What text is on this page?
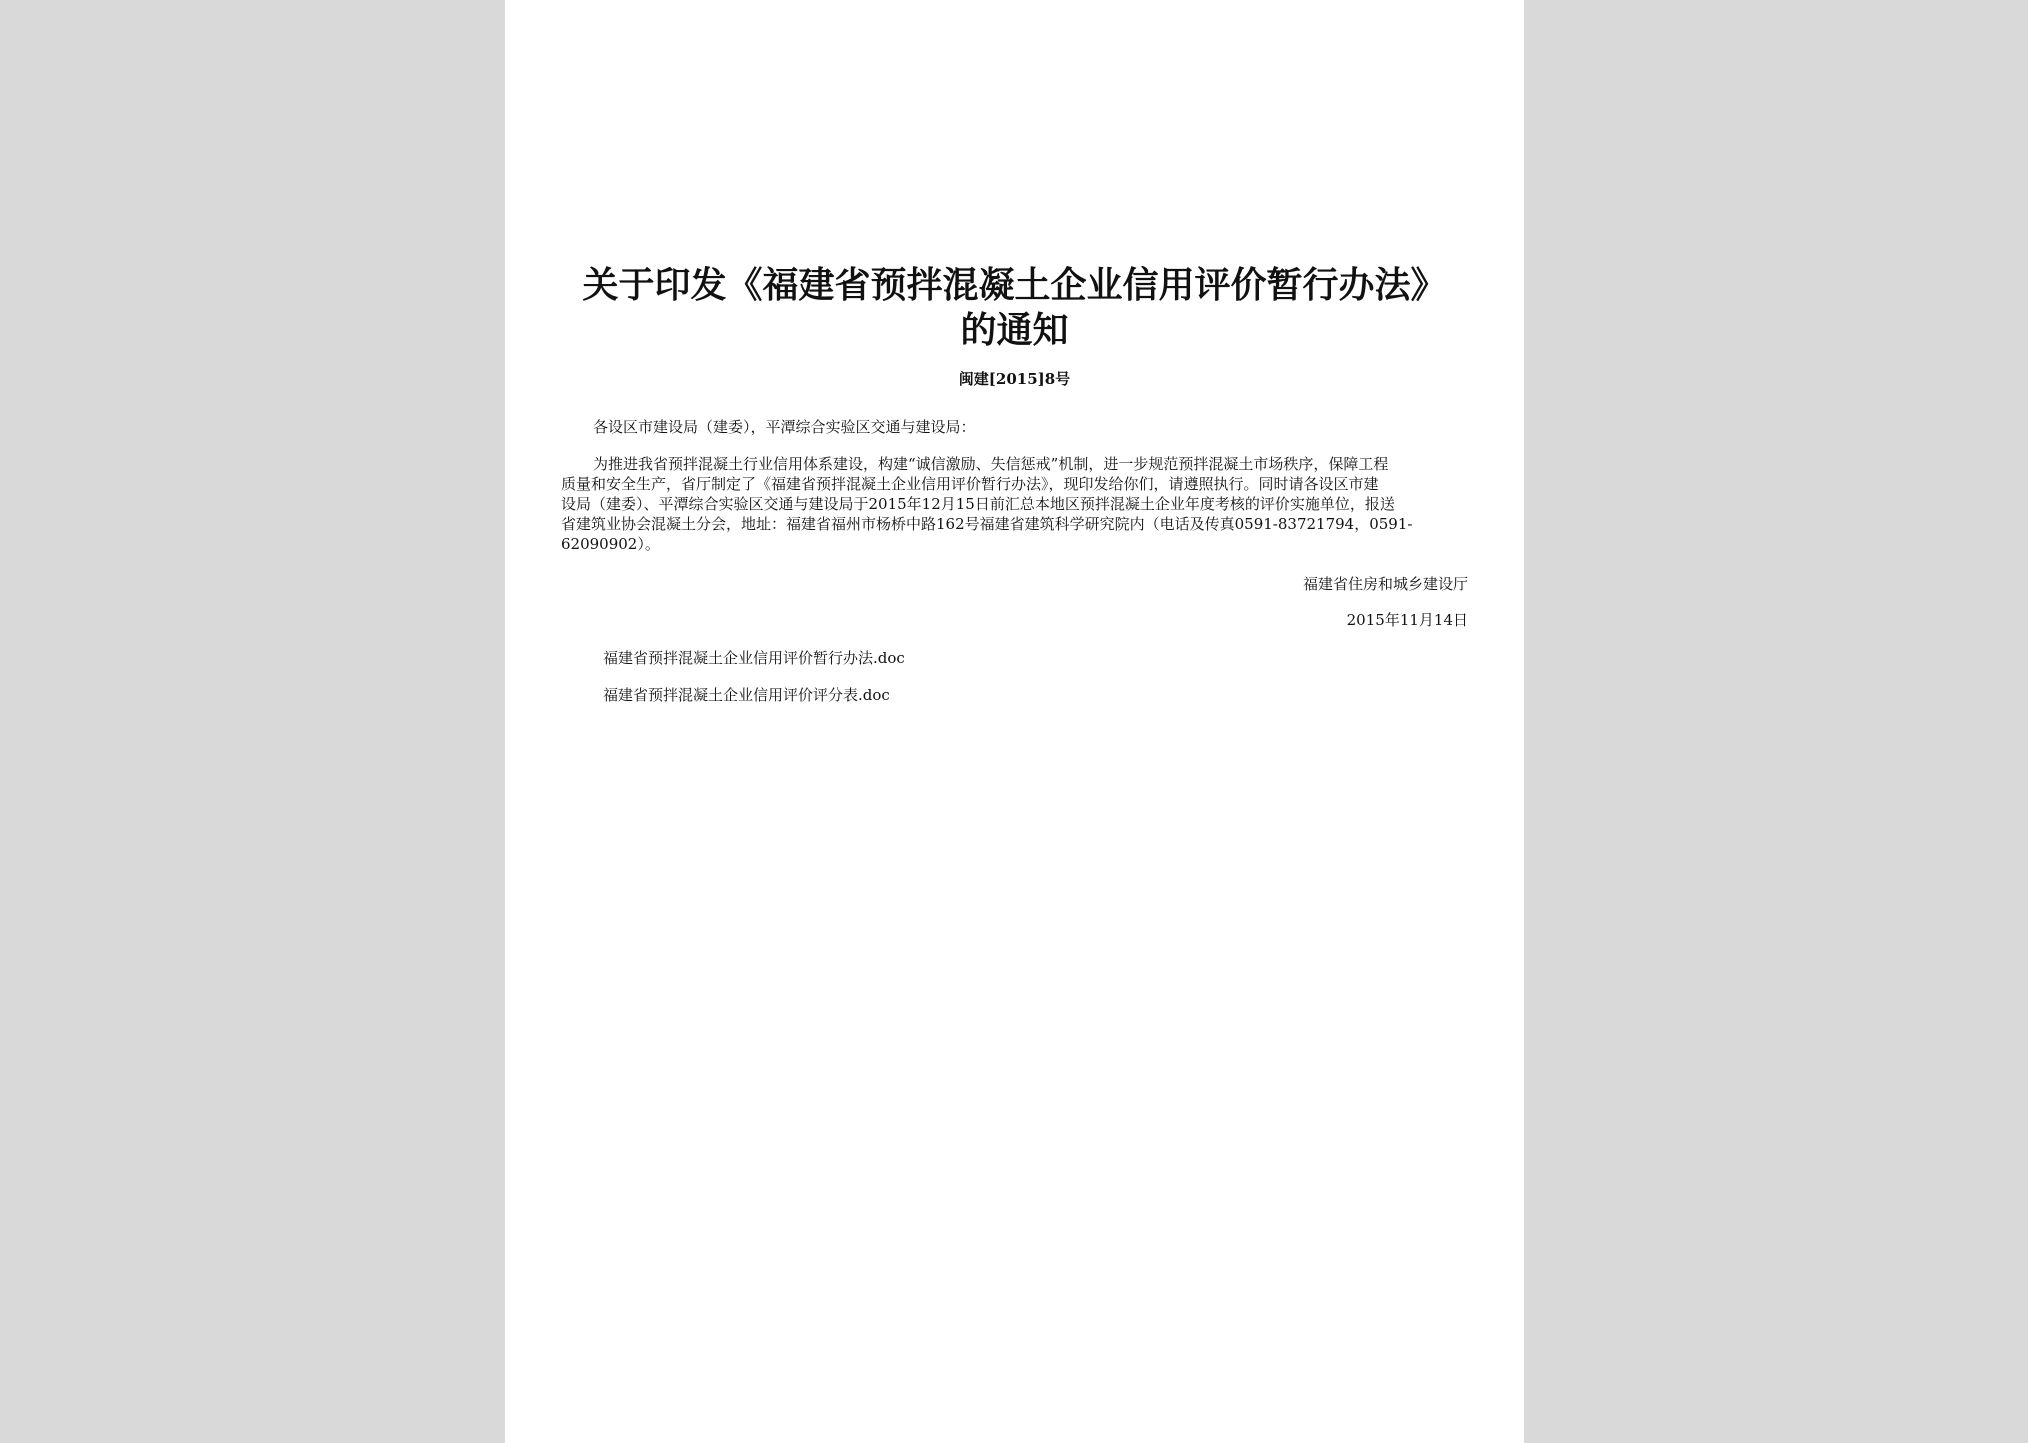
关于印发《福建省预拌混凝土企业信用评价暂行办法》
的通知
闽建[2015]8号
各设区市建设局（建委），平潭综合实验区交通与建设局：
为推进我省预拌混凝土行业信用体系建设，构建“诚信激励、失信惩戒”机制，进一步规范预拌混凝土市场秩序，保障工程
质量和安全生产，省厅制定了《福建省预拌混凝土企业信用评价暂行办法》，现印发给你们，请遵照执行。同时请各设区市建
设局（建委）、平潭综合实验区交通与建设局于2015年12月15日前汇总本地区预拌混凝土企业年度考核的评价实施单位，报送
省建筑业协会混凝土分会，地址：福建省福州市杨桥中路162号福建省建筑科学研究院内（电话及传真0591-83721794，0591-
62090902）。
福建省住房和城乡建设厅
2015年11月14日
福建省预拌混凝土企业信用评价暂行办法.doc
福建省预拌混凝土企业信用评价评分表.doc
